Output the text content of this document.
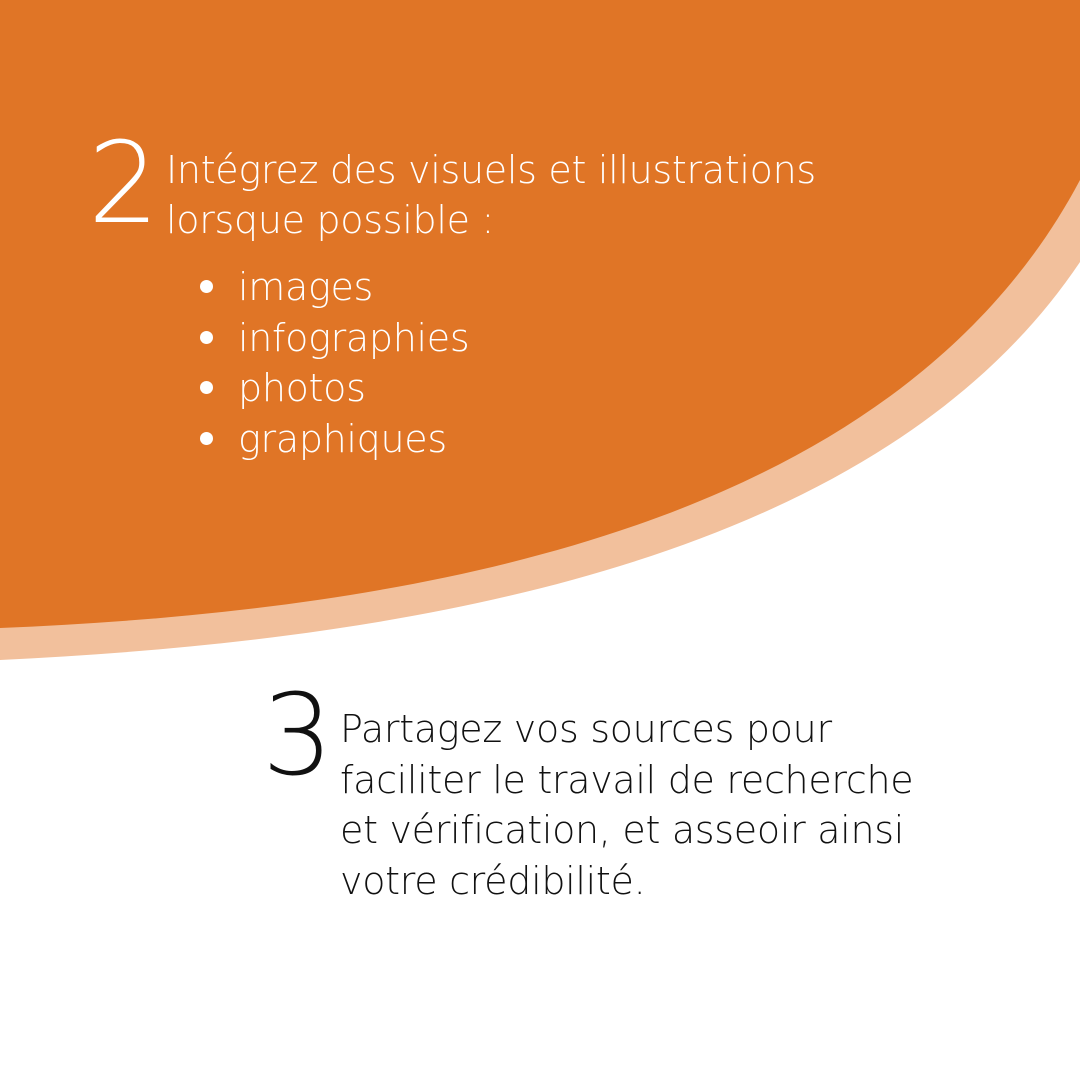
2 Intégrez des visuels et illustrations
lorsque possible :
images
infographies
photos
graphiques
3 Partagez vos sources pour
faciliter le travail de recherche
et vérification, et asseoir ainsi
votre crédibilité.
